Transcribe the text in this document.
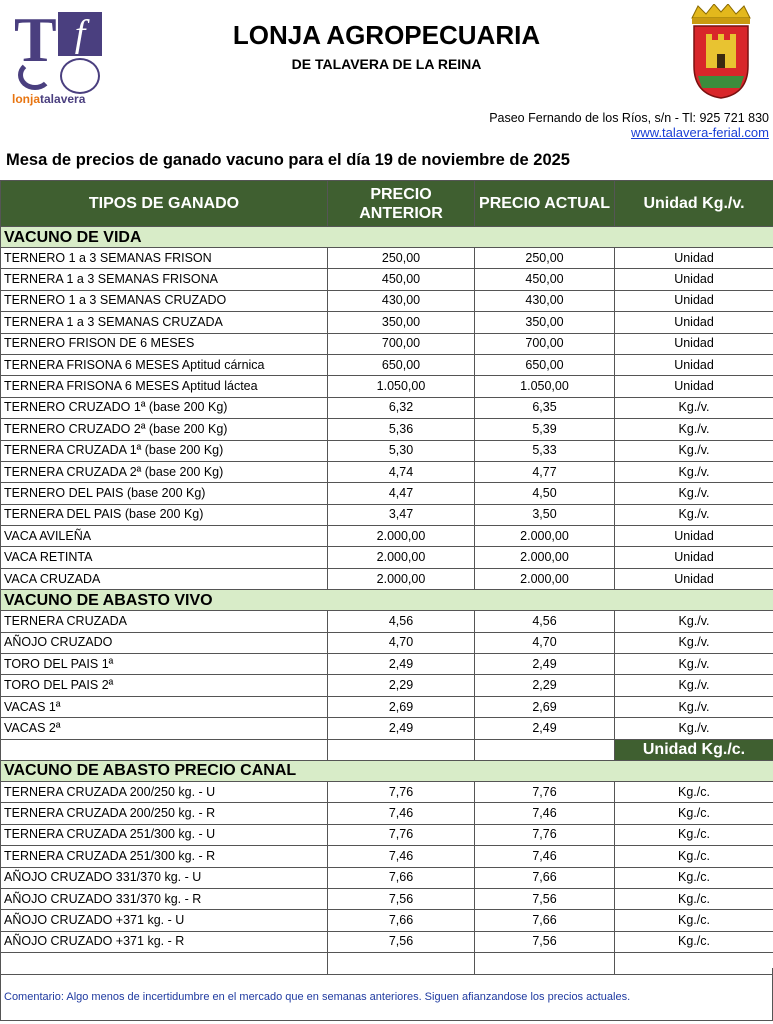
T f
lonjatalavera
LONJA AGROPECUARIA
DE TALAVERA DE LA REINA
Paseo Fernando de los Ríos, s/n - Tl: 925 721 830
www.talavera-ferial.com
Mesa de precios de ganado vacuno para el día 19 de noviembre de 2025
TIPOS DE GANADO	PRECIO ANTERIOR	PRECIO ACTUAL	Unidad Kg./v.
VACUNO DE VIDA			
TERNERO 1 a 3 SEMANAS FRISON	250,00	250,00	Unidad
TERNERA 1 a 3 SEMANAS FRISONA	450,00	450,00	Unidad
TERNERO 1 a 3 SEMANAS CRUZADO	430,00	430,00	Unidad
TERNERA 1 a 3 SEMANAS CRUZADA	350,00	350,00	Unidad
TERNERO FRISON DE 6 MESES	700,00	700,00	Unidad
TERNERA FRISONA 6 MESES Aptitud cárnica	650,00	650,00	Unidad
TERNERA FRISONA 6 MESES Aptitud láctea	1.050,00	1.050,00	Unidad
TERNERO CRUZADO 1ª (base 200 Kg)	6,32	6,35	Kg./v.
TERNERO CRUZADO 2ª (base 200 Kg)	5,36	5,39	Kg./v.
TERNERA CRUZADA 1ª (base 200 Kg)	5,30	5,33	Kg./v.
TERNERA CRUZADA 2ª (base 200 Kg)	4,74	4,77	Kg./v.
TERNERO DEL PAIS (base 200 Kg)	4,47	4,50	Kg./v.
TERNERA DEL PAIS (base 200 Kg)	3,47	3,50	Kg./v.
VACA AVILEÑA	2.000,00	2.000,00	Unidad
VACA RETINTA	2.000,00	2.000,00	Unidad
VACA CRUZADA	2.000,00	2.000,00	Unidad
VACUNO DE ABASTO VIVO			
TERNERA CRUZADA	4,56	4,56	Kg./v.
AÑOJO CRUZADO	4,70	4,70	Kg./v.
TORO DEL PAIS 1ª	2,49	2,49	Kg./v.
TORO DEL PAIS 2ª	2,29	2,29	Kg./v.
VACAS 1ª	2,69	2,69	Kg./v.
VACAS 2ª	2,49	2,49	Kg./v.
			Unidad Kg./c.
VACUNO DE ABASTO PRECIO CANAL			
TERNERA CRUZADA 200/250 kg. - U	7,76	7,76	Kg./c.
TERNERA CRUZADA 200/250 kg. - R	7,46	7,46	Kg./c.
TERNERA CRUZADA 251/300 kg. - U	7,76	7,76	Kg./c.
TERNERA CRUZADA 251/300 kg. - R	7,46	7,46	Kg./c.
AÑOJO CRUZADO 331/370 kg. - U	7,66	7,66	Kg./c.
AÑOJO CRUZADO 331/370 kg. - R	7,56	7,56	Kg./c.
AÑOJO CRUZADO +371 kg. - U	7,66	7,66	Kg./c.
AÑOJO CRUZADO +371 kg. - R	7,56	7,56	Kg./c.

Comentario: Algo menos de incertidumbre en el mercado que en semanas anteriores. Siguen afianzandose los precios actuales.
